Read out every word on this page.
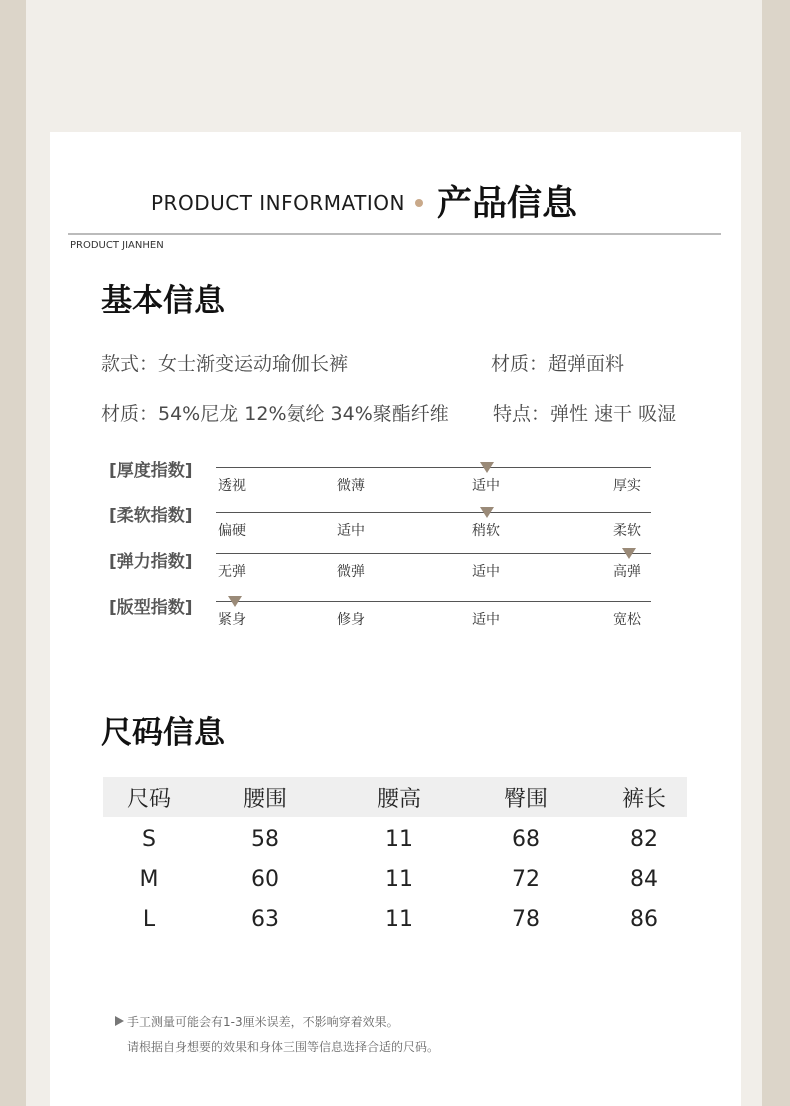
PRODUCT INFORMATION 产品信息
PRODUCT JIANHEN
基本信息
款式：女士渐变运动瑜伽长裤	材质：超弹面料
材质：54%尼龙 12%氨纶 34%聚酯纤维 特点：弹性 速干 吸湿
[厚度指数]
透视	微薄	适中	厚实
[柔软指数]
偏硬	适中	稍软	柔软
[弹力指数] 无弹	微弹	适中	高弹
[版型指数]
紧身	修身	适中	宽松
尺码信息
尺码	腰围	腰高	臀围	裤长
S	58	11	68	82
M	60	11	72	84
L	63	11	78	86
手工测量可能会有1-3厘米误差，不影响穿着效果。
请根据自身想要的效果和身体三围等信息选择合适的尺码。
